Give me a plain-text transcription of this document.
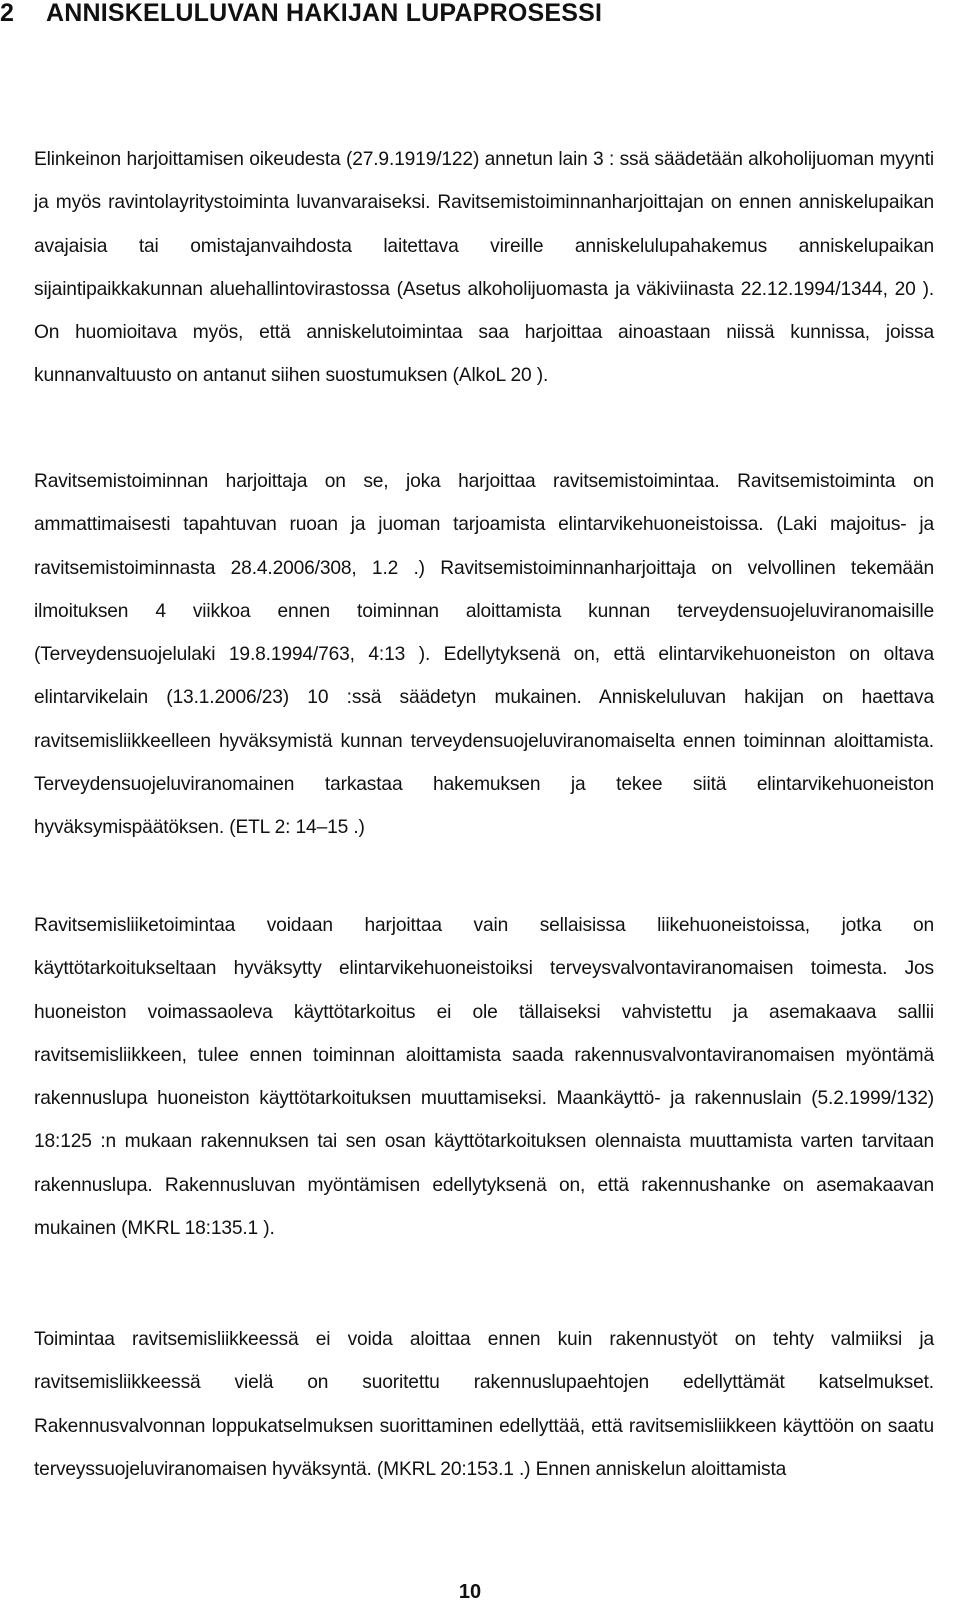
2 ANNISKELULUVAN HAKIJAN LUPAPROSESSI

Elinkeinon harjoittamisen oikeudesta (27.9.1919/122) annetun lain 3 : ssä säädetään alkoholijuoman myynti ja myös ravintolayritystoiminta luvanvaraiseksi. Ravitsemistoiminnanharjoittajan on ennen anniskelupaikan avajaisia tai omistajanvaihdosta laitettava vireille anniskelulupahakemus anniskelupaikan sijaintipaikkakunnan aluehallintovirastossa (Asetus alkoholijuomasta ja väkiviinasta 22.12.1994/1344, 20 ). On huomioitava myös, että anniskelutoimintaa saa harjoittaa ainoastaan niissä kunnissa, joissa kunnanvaltuusto on antanut siihen suostumuksen (AlkoL 20 ).

Ravitsemistoiminnan harjoittaja on se, joka harjoittaa ravitsemistoimintaa. Ravitsemistoiminta on ammattimaisesti tapahtuvan ruoan ja juoman tarjoamista elintarvikehuoneistoissa. (Laki majoitus- ja ravitsemistoiminnasta 28.4.2006/308, 1.2 .) Ravitsemistoiminnanharjoittaja on velvollinen tekemään ilmoituksen 4 viikkoa ennen toiminnan aloittamista kunnan terveydensuojeluviranomaisille (Terveydensuojelulaki 19.8.1994/763, 4:13 ). Edellytyksenä on, että elintarvikehuoneiston on oltava elintarvikelain (13.1.2006/23) 10 :ssä säädetyn mukainen. Anniskeluluvan hakijan on haettava ravitsemisliikkeelleen hyväksymistä kunnan terveydensuojeluviranomaiselta ennen toiminnan aloittamista. Terveydensuojeluviranomainen tarkastaa hakemuksen ja tekee siitä elintarvikehuoneiston hyväksymispäätöksen. (ETL 2: 14–15 .)

Ravitsemisliiketoimintaa voidaan harjoittaa vain sellaisissa liikehuoneistoissa, jotka on käyttötarkoitukseltaan hyväksytty elintarvikehuoneistoiksi terveysvalvontaviranomaisen toimesta. Jos huoneiston voimassaoleva käyttötarkoitus ei ole tällaiseksi vahvistettu ja asemakaava sallii ravitsemisliikkeen, tulee ennen toiminnan aloittamista saada rakennusvalvontaviranomaisen myöntämä rakennuslupa huoneiston käyttötarkoituksen muuttamiseksi. Maankäyttö- ja rakennuslain (5.2.1999/132) 18:125 :n mukaan rakennuksen tai sen osan käyttötarkoituksen olennaista muuttamista varten tarvitaan rakennuslupa. Rakennusluvan myöntämisen edellytyksenä on, että rakennushanke on asemakaavan mukainen (MKRL 18:135.1 ).

Toimintaa ravitsemisliikkeessä ei voida aloittaa ennen kuin rakennustyöt on tehty valmiiksi ja ravitsemisliikkeessä vielä on suoritettu rakennuslupaehtojen edellyttämät katselmukset. Rakennusvalvonnan loppukatselmuksen suorittaminen edellyttää, että ravitsemisliikkeen käyttöön on saatu terveyssuojeluviranomaisen hyväksyntä. (MKRL 20:153.1 .) Ennen anniskelun aloittamista

10
